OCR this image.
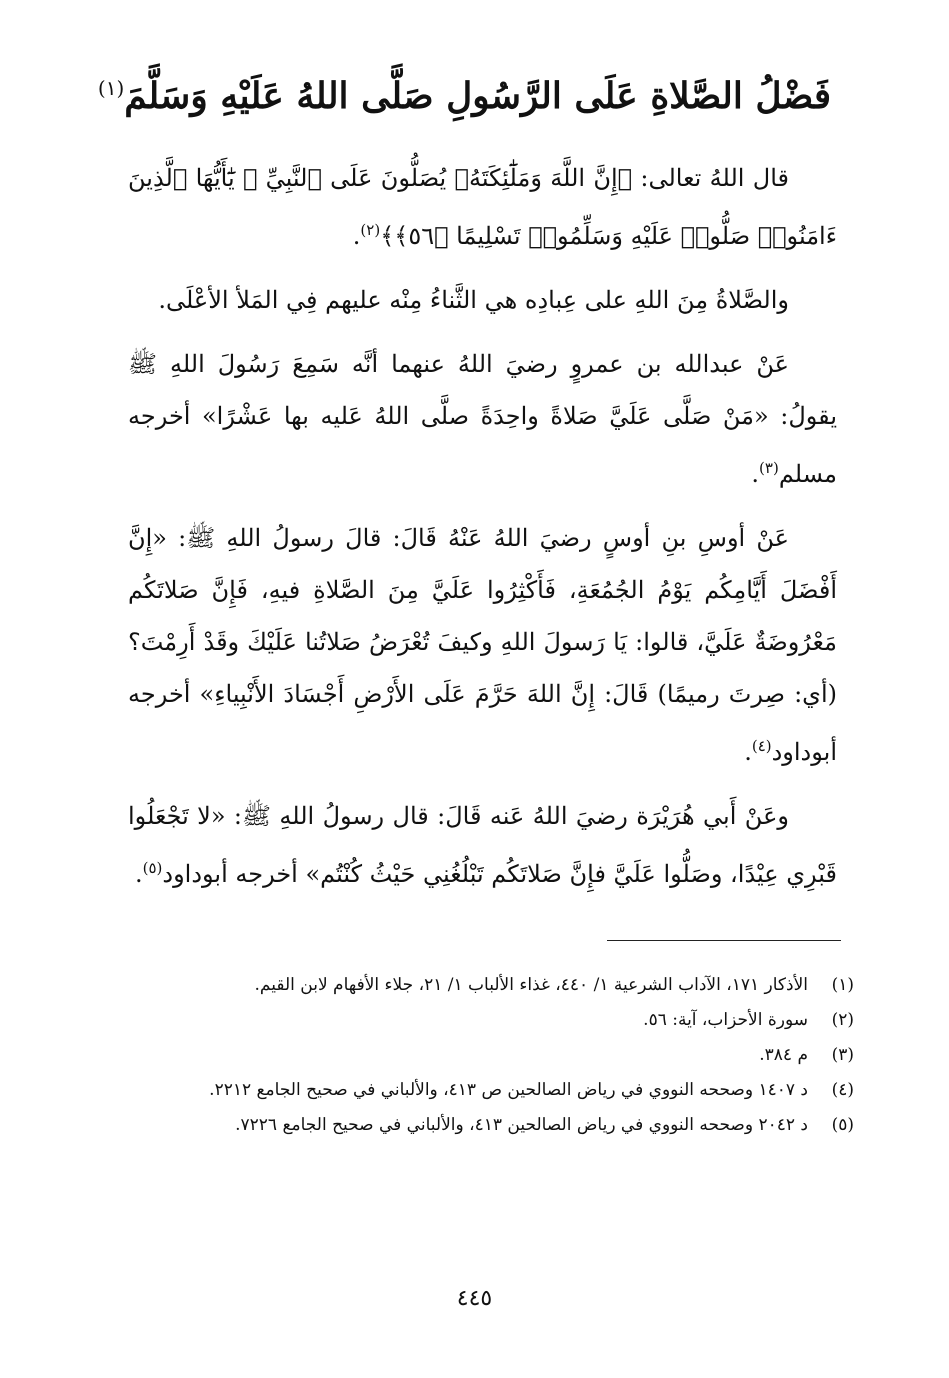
فَضْلُ الصَّلاةِ عَلَى الرَّسُولِ صَلَّى اللهُ عَلَيْهِ وَسَلَّمَ$^{(١)}$

قال اللهُ تعالى: ﴿إِنَّ اللَّهَ وَمَلَٰٓئِكَتَهُۥ يُصَلُّونَ عَلَى ٱلنَّبِيِّ ۚ يَٰٓأَيُّهَا ٱلَّذِينَ ءَامَنُوا۟ صَلُّوا۟ عَلَيْهِ وَسَلِّمُوا۟ تَسْلِيمًا ﴿٥٦﴾﴾$^{(٢)}$.

والصَّلاةُ مِنَ اللهِ على عِبادِه هي الثَّناءُ مِنْه عليهم فِي المَلأ الأعْلَى.

عَنْ عبدالله بن عمروٍ رضيَ اللهُ عنهما أنَّه سَمِعَ رَسُولَ اللهِ ﷺ يقولُ: «مَنْ صَلَّى عَلَيَّ صَلاةً واحِدَةً صلَّى اللهُ عَليه بها عَشْرًا» أخرجه مسلم$^{(٣)}$.

عَنْ أوسِ بنِ أوسٍ رضيَ اللهُ عَنْهُ قَالَ: قالَ رسولُ اللهِ ﷺ: «إِنَّ أَفْضَلَ أَيَّامِكُم يَوْمُ الجُمُعَةِ، فَأَكْثِرُوا عَلَيَّ مِنَ الصَّلاةِ فيهِ، فَإِنَّ صَلاتَكُم مَعْرُوضَةٌ عَلَيَّ، قالوا: يَا رَسولَ اللهِ وكيفَ تُعْرَضُ صَلاتُنا عَلَيْكَ وقَدْ أَرِمْتَ؟ (أي: صِرتَ رميمًا) قَالَ: إِنَّ اللهَ حَرَّمَ عَلَى الأَرْضِ أَجْسَادَ الأَنْبِياءِ» أخرجه أبوداود$^{(٤)}$.

وعَنْ أَبي هُرَيْرَة رضيَ اللهُ عَنه قَالَ: قال رسولُ اللهِ ﷺ: «لا تَجْعَلُوا قَبْرِي عِيْدًا، وصَلُّوا عَلَيَّ فإِنَّ صَلاتَكُم تَبْلُغُنِي حَيْثُ كُنْتُم» أخرجه أبوداود$^{(٥)}$.

(١)
الأذكار ١٧١، الآداب الشرعية ١/ ٤٤٠، غذاء الألباب ١/ ٢١، جلاء الأفهام لابن القيم.
(٢)
سورة الأحزاب، آية: ٥٦.
(٣)
م ٣٨٤.
(٤)
د ١٤٠٧ وصححه النووي في رياض الصالحين ص ٤١٣، والألباني في صحيح الجامع ٢٢١٢.
(٥)
د ٢٠٤٢ وصححه النووي في رياض الصالحين ٤١٣، والألباني في صحيح الجامع ٧٢٢٦.
٤٤٥
